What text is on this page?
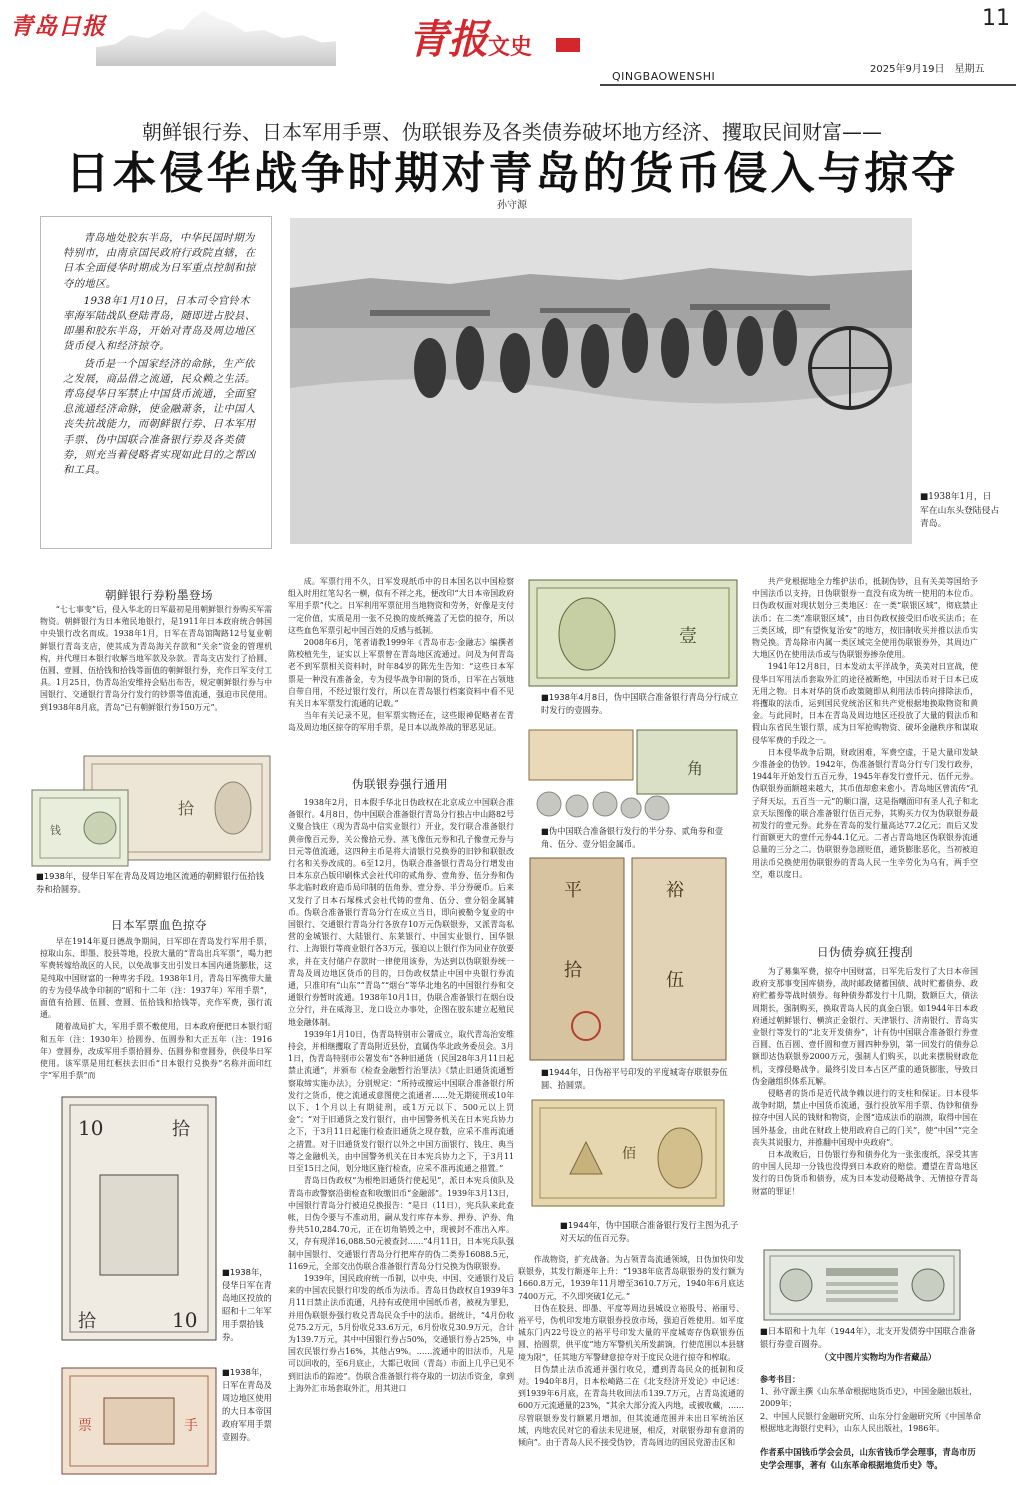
青岛日报	青报 文史
QINGBAOWENSHI
11
2025年9月19日　星期五
朝鲜银行券、日本军用手票、伪联银券及各类债券破坏地方经济、攫取民间财富——
日本侵华战争时期对青岛的货币侵入与掠夺
孙守源

青岛地处胶东半岛，中华民国时期为特别市，由南京国民政府行政院直辖，在日本全面侵华时期成为日军重点控制和掠夺的地区。

1938年1月10日，日本司令官铃木率海军陆战队登陆青岛，随即进占胶县、即墨和胶东半岛，开始对青岛及周边地区货币侵入和经济掠夺。

货币是一个国家经济的命脉，生产依之发展，商品借之流通，民众赖之生活。青岛侵华日军禁止中国货币流通，全面窒息流通经济命脉，使金融萧条，让中国人丧失抗战能力，而朝鲜银行券、日本军用手票、伪中国联合准备银行券及各类债券，则充当着侵略者实现如此目的之帮凶和工具。

■1938年1月，日军在山东头登陆侵占青岛。
朝鲜银行券粉墨登场

“七七事变”后，侵入华北的日军最初是用朝鲜银行券购买军需物资。朝鲜银行为日本殖民地银行，是1911年日本政府统合韩国中央银行改名而成。1938年1月，日军在青岛馆陶路12号复业朝鲜银行青岛支店，使其成为青岛海关存款和“关余”资金的管理机构，并代理日本银行收解当地军款及杂款。青岛支店发行了拾圆、伍圆、壹圆、伍拾钱和拾钱等面值的朝鲜银行券，充作日军支付工具。1月25日，伪青岛治安维持会贴出布告，规定朝鲜银行券与中国银行、交通银行青岛分行发行的钞票等值流通，强迫市民使用。到1938年8月底，青岛“已有朝鲜银行券150万元”。

拾
钱
■1938年，侵华日军在青岛及周边地区流通的朝鲜银行伍拾钱券和拾圆券。
日本军票血色掠夺

早在1914年夏日德战争期间，日军即在青岛发行军用手票，掠取山东、即墨、胶县等地，投放大量的“青岛出兵军票”，喝力把军费转嫁给战区的人民，以免战事支出引发日本国内通货膨胀，这是纯取中国财富的一种卑劣手段。1938年1月，青岛日军携带大量的专为侵华战争印制的“昭和十二年（注：1937年）军用手票”，面值有拾圆、伍圆、壹圆、伍拾钱和拾钱等，充作军费，强行流通。

随着战局扩大，军用手票不敷使用，日本政府便把日本银行昭和五年（注：1930年）拾圆券、伍圆券和大正五年（注：1916年）壹圆券，改成军用手票拾圆券、伍圆券和壹圆券，供侵华日军使用。该军票是用红框扶去旧币“日本银行兑换券”名称并面印红字“军用手票”而

10	拾
拾	10
■1938年，侵华日军在青岛地区投放的昭和十二年军用手票拾钱券。
票	手
■1938年，日军在青岛及周边地区使用的大日本帝国政府军用手票壹圆券。

成。军票行用不久，日军发现纸币中的日本国名以中国检察组入时用红笔勾名一横，似有不祥之兆，便改印“大日本帝国政府军用手票”代之。日军利用军票征用当地物资和劳务，好像是支付一定价值，实质是用一张不兑换的废纸掩盖了无偿的掠夺，所以这些血色军票引起中国百姓的反感与抵制。

2008年6月，笔者请教1999年《青岛市志·金融志》编撰者陈校植先生，证实以上军票曾在青岛地区流通过。问及为何青岛老不到军票相关资料时，时年84岁的陈先生告知：“这些日本军票是一种没有准备金，专为侵华战争印制的货币，日军在占领地自带自用，不经过银行发行，所以在青岛银行档案资料中看不见有关日本军票发行流通的记载。”

当年有关记录不见，但军票实物还在，这些眼神促略者在青岛及周边地区掠夺的军用手票，是日本以战养战的罪恶见证。

伪联银券强行通用

1938年2月，日本假手华北日伪政权在北京成立中国联合准备银行。4月8日，伪中国联合准备银行青岛分行独占中山路82号义聚合钱庄（现为青岛中信实业银行）开业，发行联合准备银行黄帝像百元券，关公像拾元券、蒸飞像伍元券和孔子像壹元券与日元等值流通，这四种主币是将大清银行兑换券的旧钞和联银改行名和关券改成的。6至12月，伪联合准备银行青岛分行增发由日本东京凸版印刷株式会社代印的贰角券、壹角券、伍分券和伪华北临时政府造币局印制的伍角券、壹分券、半分券硬币。后来又发行了日本石塚株式会社代铸的壹角、伍分、壹分铝金属辅币。伪联合准备银行青岛分行在成立当日，即向被勒令复业的中国银行、交通银行青岛分行各放存10万元伪联银券，又派青岛私营的金城银行、大陆银行、东莱银行、中国实业银行、国华银行、上海银行等商业银行各3万元，强迫以上银行作为同业存放要求，并在支付储户存款时一律使用该券，为达到以伪联银券统一青岛及周边地区货币的目的，日伪政权禁止中国中央银行券流通，只准印有“山东”“青岛”“烟台”等华北地名的中国银行券和交通银行券暂时流通。1938年10月1日，伪联合准备银行在烟台设立分行，并在威海卫、龙口设立办事处，企图在胶东建立起殖民地金融体制。

1939年1月10日，伪青岛特别市公署成立，取代青岛治安维持会，并相继攫取了青岛附近县份，直属伪华北政务委员会。3月1日，伪青岛特别市公署发布“各种旧通货（民国28年3月11日起禁止流通”，并颁布《检查金融暂行治罪法》《禁止旧通货流通暂察取缔实施办法》，分别规定：“所持或擅运中国联合准备银行所发行之货币，使之流通或意图使之流通者……处无期徒刑或10年以下、1个月以上有期徒刑，或1万元以下、500元以上罚金”；“对于旧通货之发行银行，由中国警务机关在日本宪兵协力之下，于3月11日起施行检查旧通货之现存数，应采不准再流通之措置。对于旧通货发行银行以外之中国方面银行、钱庄、典当等之金融机关，由中国警务机关在日本宪兵协力之下，于3月11日至15日之间，划分地区施行检查，应采不准再流通之措置。”

青岛日伪政权“为根绝旧通货行使起见”，派日本宪兵侦队及青岛市政警察沿街检查和收缴旧币“金融部”。1939年3月13日，中国银行青岛分行被迫兑换报告：“是日（11日），宪兵队来此查帐，日伪令要与不准动用，嗣从发行库存本券、押券、沪券、角券共510,284.70元，正在切角销毁之中，现被封不准出入库。又，存有现洋16,088.50元被查封……”4月11日，日本宪兵队强制中国银行、交通银行青岛分行把库存的伪二类券16088.5元，1169元，全部交出伪联合准备银行青岛分行兑换为伪联银券。

1939年，国民政府统一币制，以中央、中国、交通银行及后来的中国农民银行印发的纸币为法币。青岛日伪政权自1939年3月11日禁止法币流通，凡持有或使用中国纸币者，被视为罪犯，并用伪联银券强行收兑青岛民众手中的法币。据统计，“4月份收兑75.2万元，5月份收兑33.6万元，6月份收兑30.9万元，合计为139.7万元，其中中国银行券占50%，交通银行券占25%，中国农民银行券占16%，其他占9%。……流通中的旧法币，凡是可以回收的，至6月底止，大都已收回（青岛）市面上几乎已见不到旧法币的踪迹”。伪联合准备银行将夺取的一切法币资金，拿到上海外汇市场套取外汇，用其进口

壹
■1938年4月8日，伪中国联合准备银行青岛分行成立时发行的壹圆券。
角
■伪中国联合准备银行发行的半分券、贰角券和壹角、伍分、壹分铝金属币。
平
拾
裕
伍
■1944年，日伪裕平号印发的平度城寄存联银券伍圆、拾圆票。
佰
■1944年，伪中国联合准备银行发行主图为孔子对天坛的伍百元券。

作战物资，扩充战备。为占领青岛流通领域，日伪加快印发联银券，其发行额逐年上升：“1938年底青岛联银券的发行额为1660.8万元，1939年11月增至3610.7万元，1940年6月底达7400万元，不久即突破1亿元。”

日伪在胶县、即墨、平度等周边县城设立裕股号、裕丽号、裕平号，伪机印发地方联银券投放市场，强迫百姓使用。如平度城东门内22号设立的裕平号印发大量的平度城寄存伪联银券伍圆、拾圆票，供平度“地方军警机关所发薪饷，行使范围以本县辖境为限”，任其地方军警肆意掠夺对于度民众进行掠夺和榨取。

日伪禁止法币流通并强行收兑，遭到青岛民众的抵制和反对。1940年8月，日本松崎路二在《北支经济开发论》中记述：到1939年6月底，在青岛共收回法币139.7万元，占青岛流通的600万元流通量的23%，“其余大部分流入内地，或被收藏，……尽管联银券发行额累月增加，但其流通范围并未出日军统治区域，内地农民对它的看法未见进展，相反，对联银券却有意消的倾向”。由于青岛人民不接受伪钞，青岛周边的国民党游击区和

共产党根据地全力维护法币，抵制伪钞，且有关美等国给予中国法币以支持，日伪联银券一直没有成为统一使用的本位币。日伪政权面对现状划分三类地区：在一类“联银区域”，彻底禁止法币；在二类“准联银区域”，由日伪政权接受旧币收买法币；在三类区域，即“有望恢复治安”的地方，按旧制收买并推以法币实物兑换。青岛除市内属一类区域完全使用伪联银券外，其周边广大地区仍在使用法币或与伪联银券掺杂使用。

1941年12月8日，日本发动太平洋战争，英美对日宣战，使侵华日军用法币套取外汇的途径被断绝，中国法币对于日本已成无用之物。日本对华的货币政策随即从利用法币转向排除法币，将攫取的法币，运到国民党统治区和共产党根据地换取物资和黄金。与此同时，日本在青岛及周边地区还投放了大量的假法币和假山东省民生银行票，成为日军抢购物资、破坏金融秩序和谋取侵华军费的手段之一。

日本侵华战争后期，财政困难，军费空虚，于是大量印发缺少准备金的伪钞。1942年，伪准备银行青岛分行专门发行政券，1944年开始发行五百元券，1945年春发行壹仟元、伍仟元券。伪联银券面额越来越大，其币值却愈来愈小。青岛地区曾流传“孔子拜天坛，五百当一元”的顺口溜，这是指嘲面印有圣人孔子和北京天坛图像的联合准备银行伍百元券，其购买力仅为伪联银券最初发行的壹元券。此券在青岛的发行量高达77.2亿元；而后又发行面额更大的壹仟元券44.1亿元。二者占青岛地区伪联银券流通总量的三分之二。伪联银券急剧贬值，通货膨胀恶化，当初被迫用法币兑换使用伪联银券的青岛人民一生辛劳化为乌有，两手空空，难以度日。

日伪债券疯狂搜刮

为了募集军费，掠夺中国财富，日军先后发行了大日本帝国政府支那事变国库债券，战时邮政储蓄国债、战时贮蓄债券、政府贮蓄券等战时债券。每种债券都发行十几期，数额巨大，债法周期长，强制购买，换取青岛人民的真金白银。如1944年日本政府通过朝鲜银行、横滨正金银行、天津银行、济南银行、青岛实业银行等发行的“北支开发债券”，计有伪中国联合准备银行券壹百圆、伍百圆、壹仟圆和壹万圆四种券别，第一回发行的债券总额即达伪联银券2000万元，强制人们购买，以此来摆脱财政危机，支撑侵略战争。最终引发日本占区严重的通货膨胀，导致日伪金融组织体系瓦解。

侵略者的货币是近代战争赖以进行的支柱和保证。日本侵华战争时期，禁止中国货币流通，强行投放军用手票、伪钞和债券掠夺中国人民的钱财和物资，企图“造成法币的崩溃，取得中国在国外基金，由此在财政上使用政府自己的门关”，使“中国”“完全丧失其说服力，并推翻中国现中央政府”。

日本战败后，日伪银行券和债券化为一张张废纸，深受其害的中国人民却一分钱也没得到日本政府的赔偿。遭望在青岛地区发行的日伪货币和债券，成为日本发动侵略战争、无情掠夺青岛财富的罪证！

■日本昭和十九年（1944年），北支开发债券中国联合准备银行券壹百圆券。
（文中图片实物均为作者藏品）
参考书目：
1、孙守源主撰《山东革命根据地货币史》，中国金融出版社，2009年；
2、中国人民银行金融研究所、山东分行金融研究所《中国革命根据地北海银行史料》，山东人民出版社，1986年。
作者系中国钱币学会会员，山东省钱币学会理事，青岛市历史学会理事，著有《山东革命根据地货币史》等。
